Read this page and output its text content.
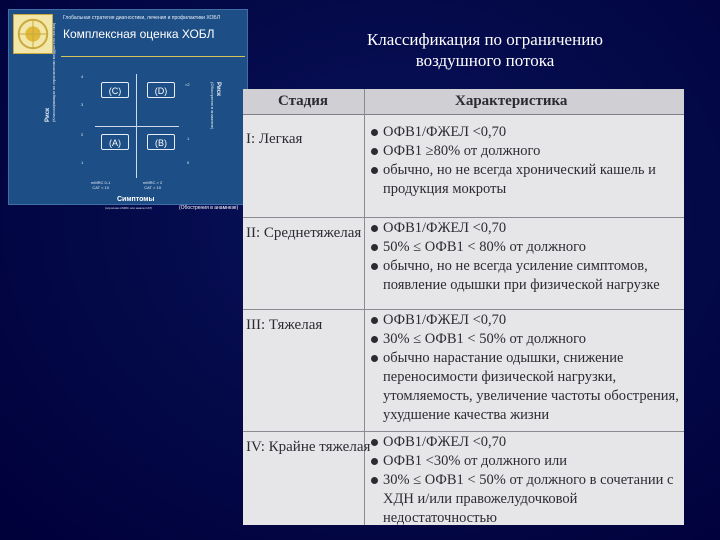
Глобальная стратегия диагностики, лечения и профилактики ХОБЛ
Комплексная оценка ХОБЛ
Риск (Классификация по ограничению воздушного потока)	4
3
2
1
(C)	(D)
(A)	(B)
>2
1
0
Риск
(Обострения в анамнезе)
mMRC 0-1
CAT < 10
mMRC > 2
CAT > 10
Симптомы
(опросник mMRC или шкала CAT)	(Обострения в анамнезе)
Классификация по ограничению
воздушного потока
Стадия	Характеристика
I: Легкая	ОФВ1/ФЖЕЛ <0,70
ОФВ1 ≥80% от должного
обычно, но не всегда хронический кашель и продукция мокроты
II: Среднетяжелая	ОФВ1/ФЖЕЛ <0,70
50% ≤ ОФВ1 < 80% от должного
обычно, но не всегда усиление симптомов, появление одышки при физической нагрузке
III: Тяжелая	ОФВ1/ФЖЕЛ <0,70
30% ≤ ОФВ1 < 50% от должного
обычно нарастание одышки, снижение переносимости физической нагрузки, утомляемость, увеличение частоты обострения, ухудшение качества жизни
IV: Крайне тяжелая ОФВ1/ФЖЕЛ <0,70
ОФВ1 <30% от должного или
30% ≤ ОФВ1 < 50% от должного в сочетании с ХДН и/или правожелудочковой недостаточностью
